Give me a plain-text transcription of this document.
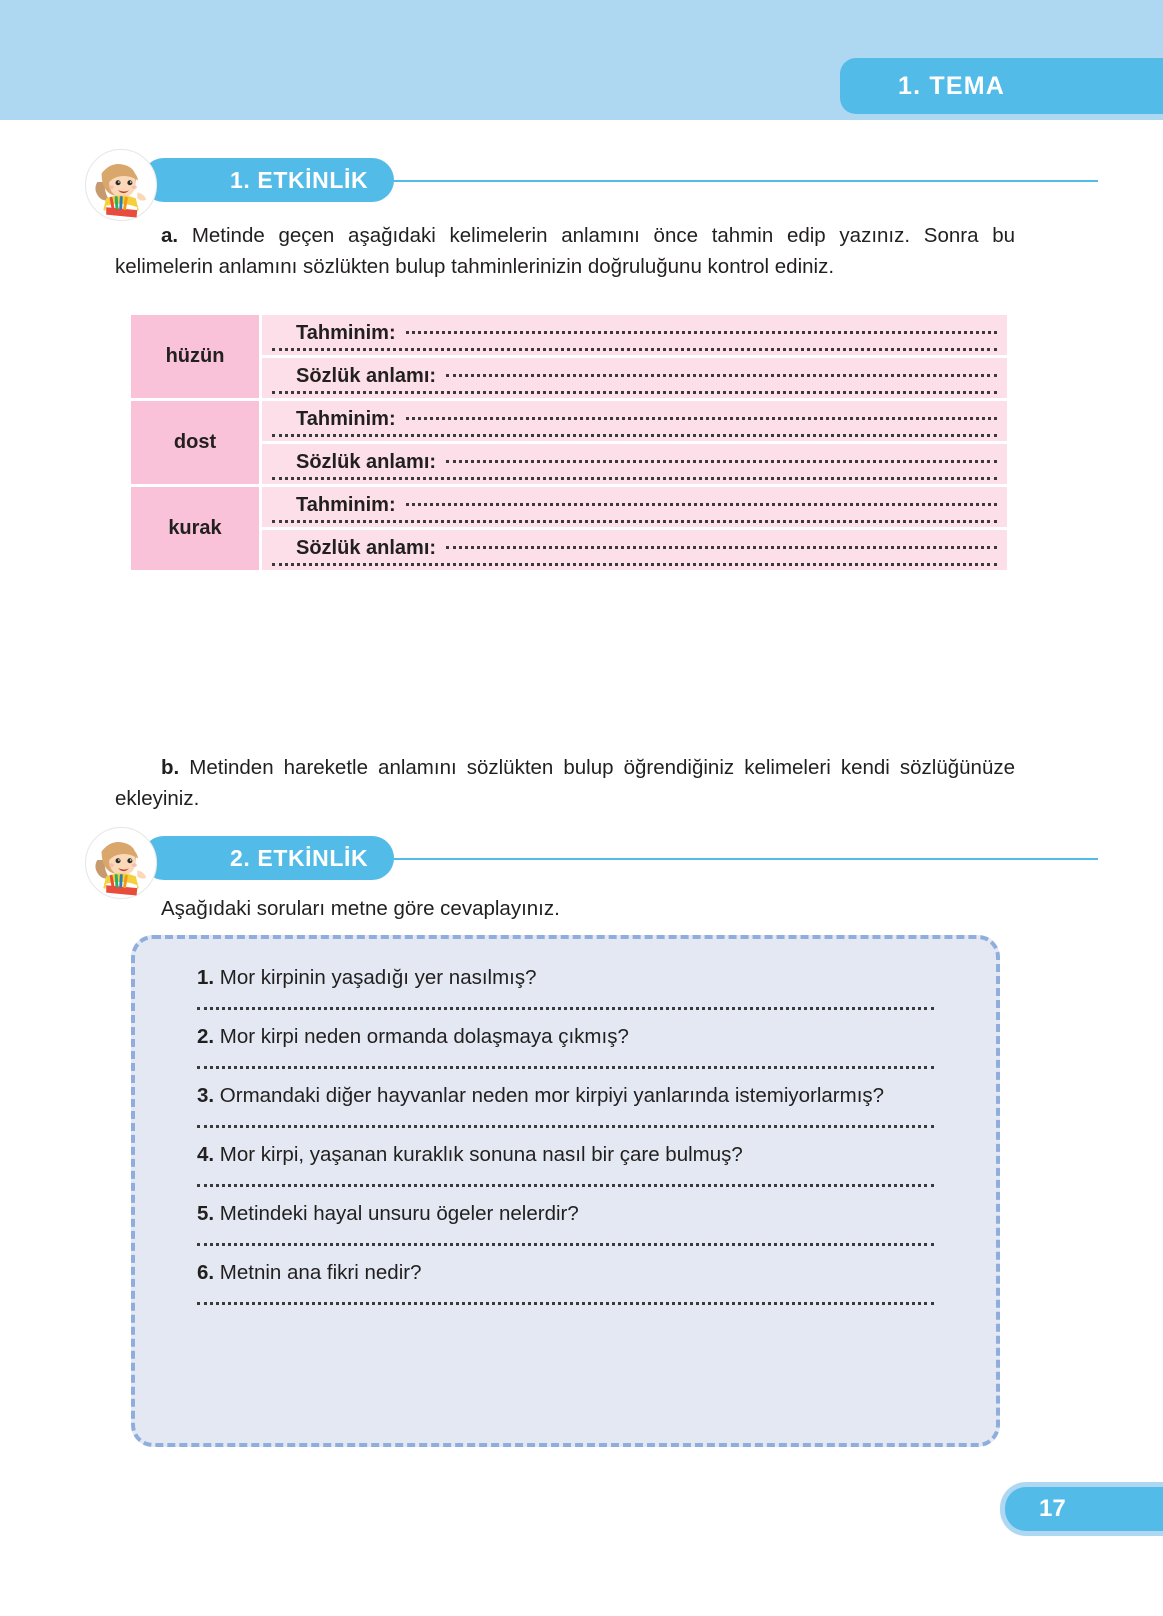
1. TEMA
1. ETKİNLİK

a. Metinde geçen aşağıdaki kelimelerin anlamını önce tahmin edip yazınız. Sonra bu kelimelerin anlamını sözlükten bulup tahminlerinizin doğruluğunu kontrol ediniz.

hüzün	Tahminim:
Sözlük anlamı:

dost	Tahminim:
Sözlük anlamı:

kurak	Tahminim:
Sözlük anlamı:

b. Metinden hareketle anlamını sözlükten bulup öğrendiğiniz kelimeleri kendi sözlüğünüze ekleyiniz.

2. ETKİNLİK

Aşağıdaki soruları metne göre cevaplayınız.

1. Mor kirpinin yaşadığı yer nasılmış?
2. Mor kirpi neden ormanda dolaşmaya çıkmış?
3. Ormandaki diğer hayvanlar neden mor kirpiyi yanlarında istemiyorlarmış?
4. Mor kirpi, yaşanan kuraklık sonuna nasıl bir çare bulmuş?
5. Metindeki hayal unsuru ögeler nelerdir?
6. Metnin ana fikri nedir?
17
